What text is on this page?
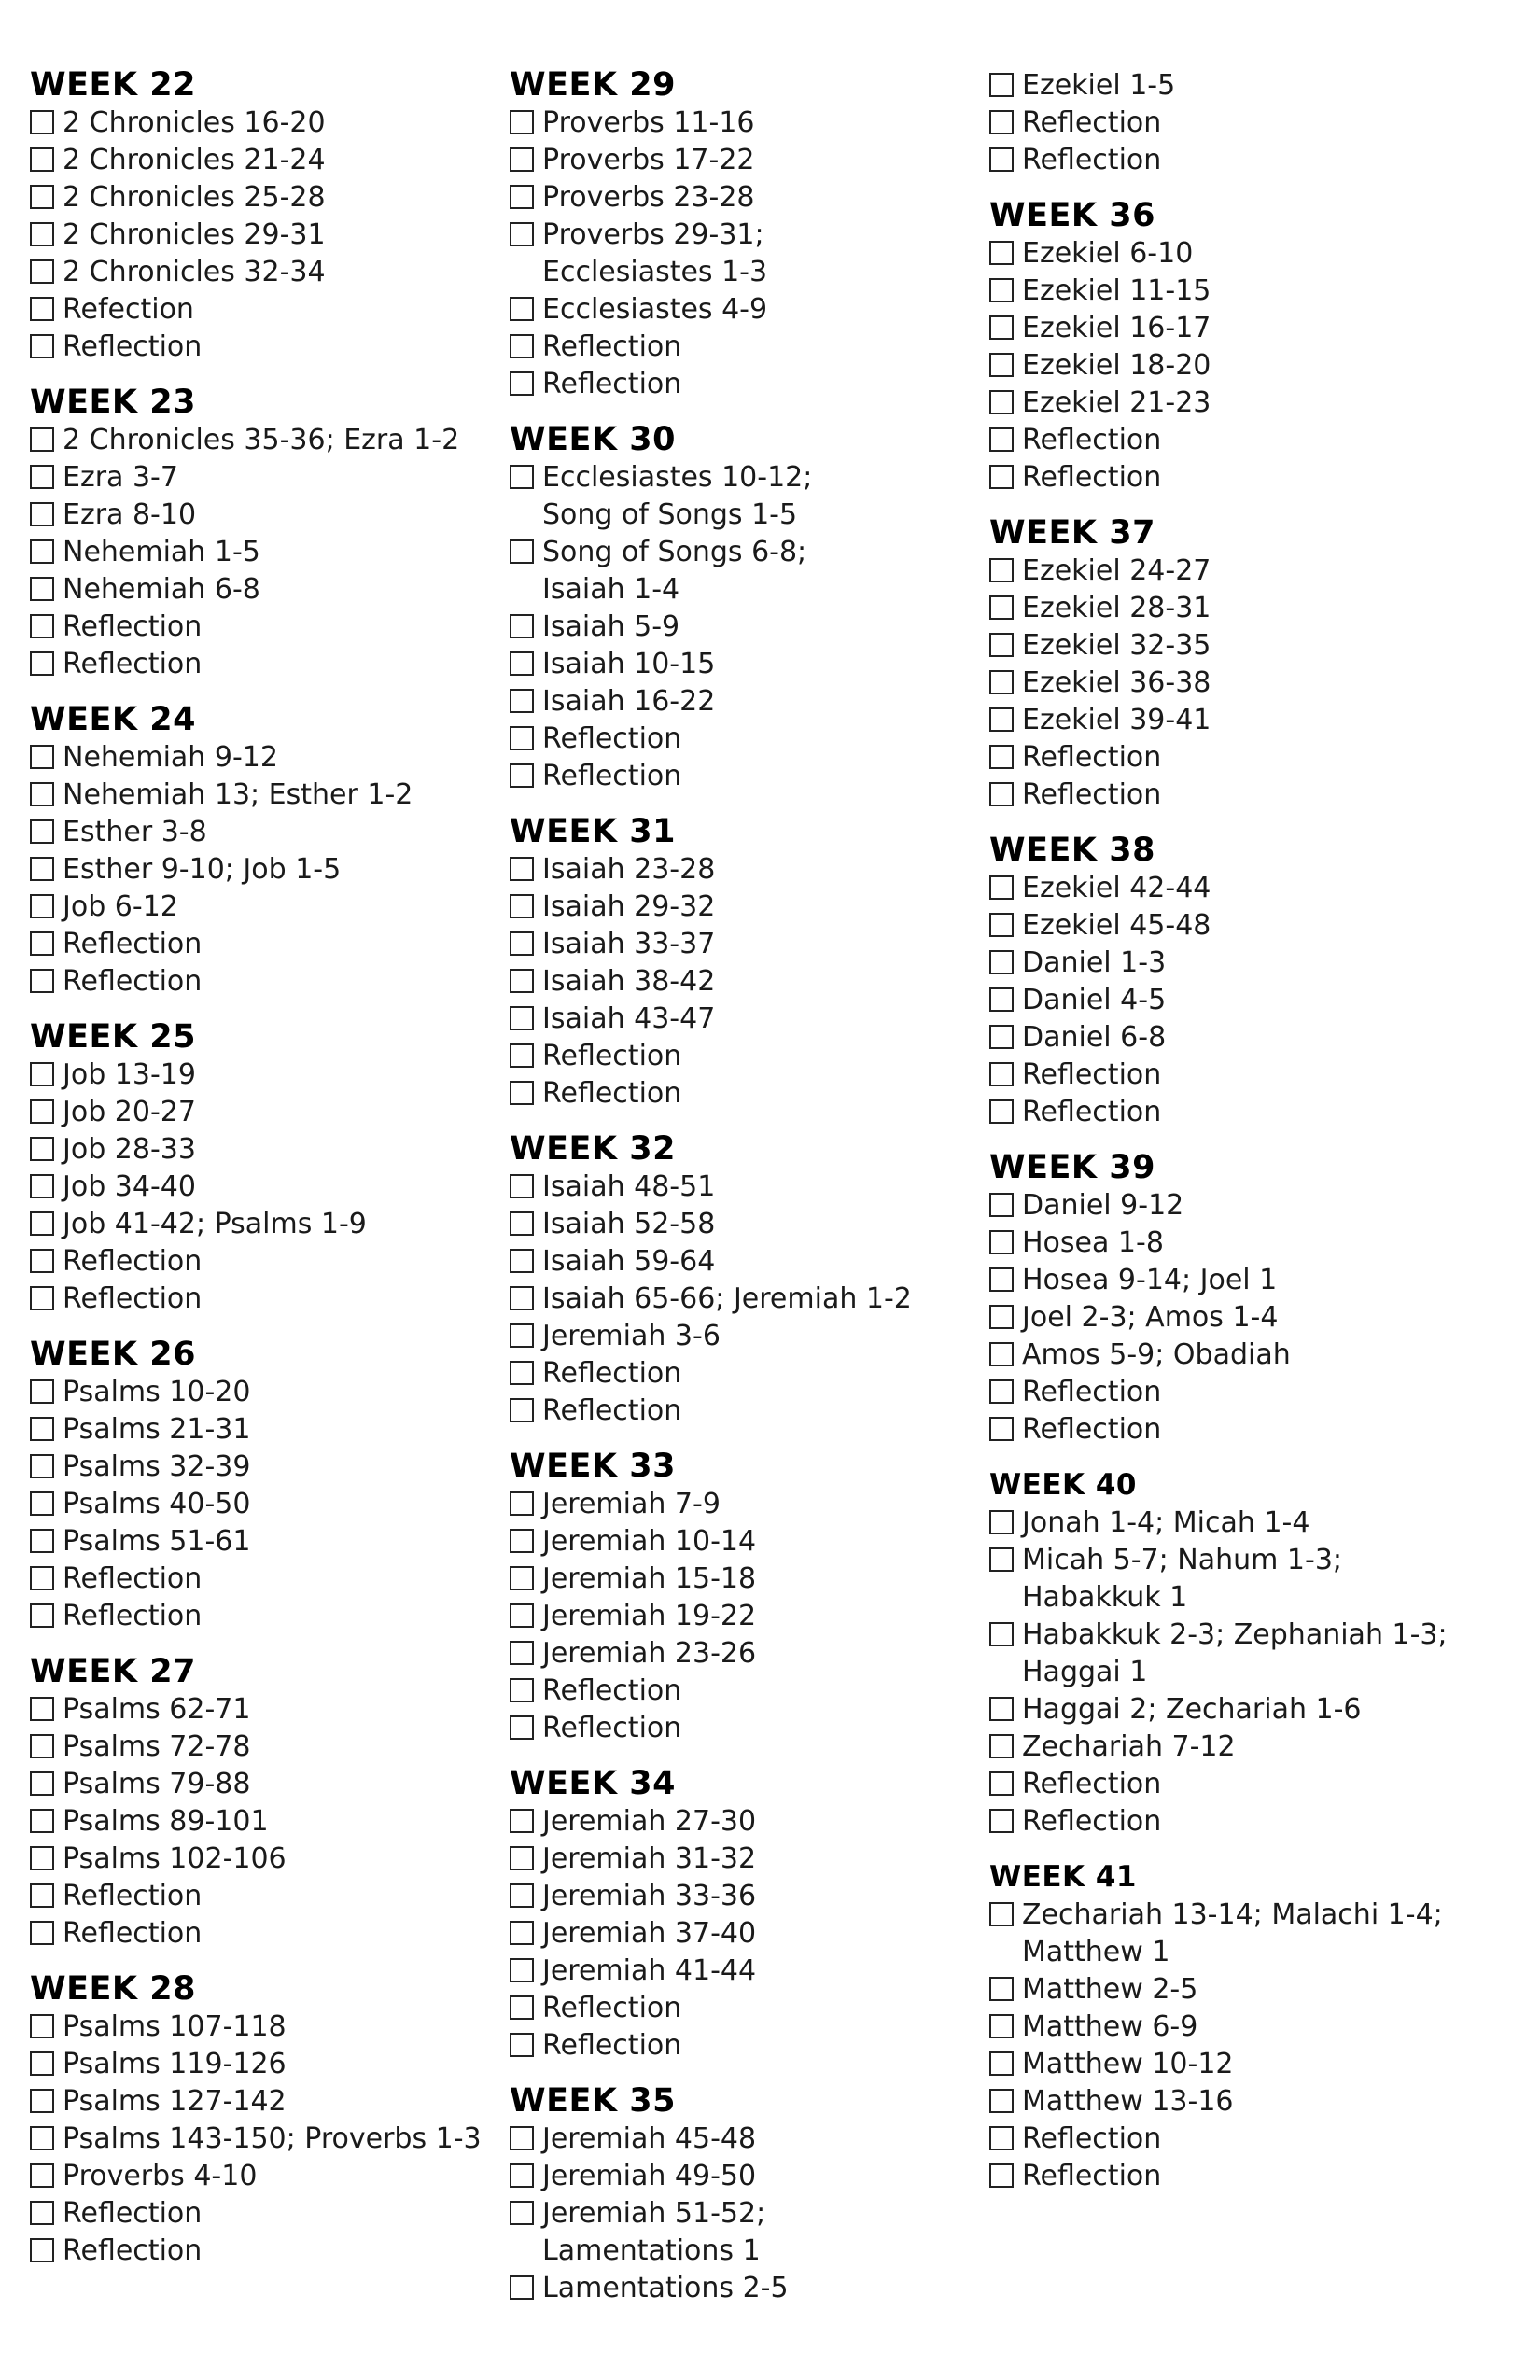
WEEK 22
2 Chronicles 16-20
2 Chronicles 21-24
2 Chronicles 25-28
2 Chronicles 29-31
2 Chronicles 32-34
Refection
Reflection
WEEK 23
2 Chronicles 35-36; Ezra 1-2
Ezra 3-7
Ezra 8-10
Nehemiah 1-5
Nehemiah 6-8
Reflection
Reflection
WEEK 24
Nehemiah 9-12
Nehemiah 13; Esther 1-2
Esther 3-8
Esther 9-10; Job 1-5
Job 6-12
Reflection
Reflection
WEEK 25
Job 13-19
Job 20-27
Job 28-33
Job 34-40
Job 41-42; Psalms 1-9
Reflection
Reflection
WEEK 26
Psalms 10-20
Psalms 21-31
Psalms 32-39
Psalms 40-50
Psalms 51-61
Reflection
Reflection
WEEK 27
Psalms 62-71
Psalms 72-78
Psalms 79-88
Psalms 89-101
Psalms 102-106
Reflection
Reflection
WEEK 28
Psalms 107-118
Psalms 119-126
Psalms 127-142
Psalms 143-150; Proverbs 1-3
Proverbs 4-10
Reflection
Reflection
WEEK 29
Proverbs 11-16
Proverbs 17-22
Proverbs 23-28
Proverbs 29-31;
Ecclesiastes 1-3
Ecclesiastes 4-9
Reflection
Reflection
WEEK 30
Ecclesiastes 10-12;
Song of Songs 1-5
Song of Songs 6-8;
Isaiah 1-4
Isaiah 5-9
Isaiah 10-15
Isaiah 16-22
Reflection
Reflection
WEEK 31
Isaiah 23-28
Isaiah 29-32
Isaiah 33-37
Isaiah 38-42
Isaiah 43-47
Reflection
Reflection
WEEK 32
Isaiah 48-51
Isaiah 52-58
Isaiah 59-64
Isaiah 65-66; Jeremiah 1-2
Jeremiah 3-6
Reflection
Reflection
WEEK 33
Jeremiah 7-9
Jeremiah 10-14
Jeremiah 15-18
Jeremiah 19-22
Jeremiah 23-26
Reflection
Reflection
WEEK 34
Jeremiah 27-30
Jeremiah 31-32
Jeremiah 33-36
Jeremiah 37-40
Jeremiah 41-44
Reflection
Reflection
WEEK 35
Jeremiah 45-48
Jeremiah 49-50
Jeremiah 51-52;
Lamentations 1
Lamentations 2-5
Ezekiel 1-5
Reflection
Reflection
WEEK 36
Ezekiel 6-10
Ezekiel 11-15
Ezekiel 16-17
Ezekiel 18-20
Ezekiel 21-23
Reflection
Reflection
WEEK 37
Ezekiel 24-27
Ezekiel 28-31
Ezekiel 32-35
Ezekiel 36-38
Ezekiel 39-41
Reflection
Reflection
WEEK 38
Ezekiel 42-44
Ezekiel 45-48
Daniel 1-3
Daniel 4-5
Daniel 6-8
Reflection
Reflection
WEEK 39
Daniel 9-12
Hosea 1-8
Hosea 9-14; Joel 1
Joel 2-3; Amos 1-4
Amos 5-9; Obadiah
Reflection
Reflection
WEEK 40
Jonah 1-4; Micah 1-4
Micah 5-7; Nahum 1-3;
Habakkuk 1
Habakkuk 2-3; Zephaniah 1-3;
Haggai 1
Haggai 2; Zechariah 1-6
Zechariah 7-12
Reflection
Reflection
WEEK 41
Zechariah 13-14; Malachi 1-4;
Matthew 1
Matthew 2-5
Matthew 6-9
Matthew 10-12
Matthew 13-16
Reflection
Reflection
